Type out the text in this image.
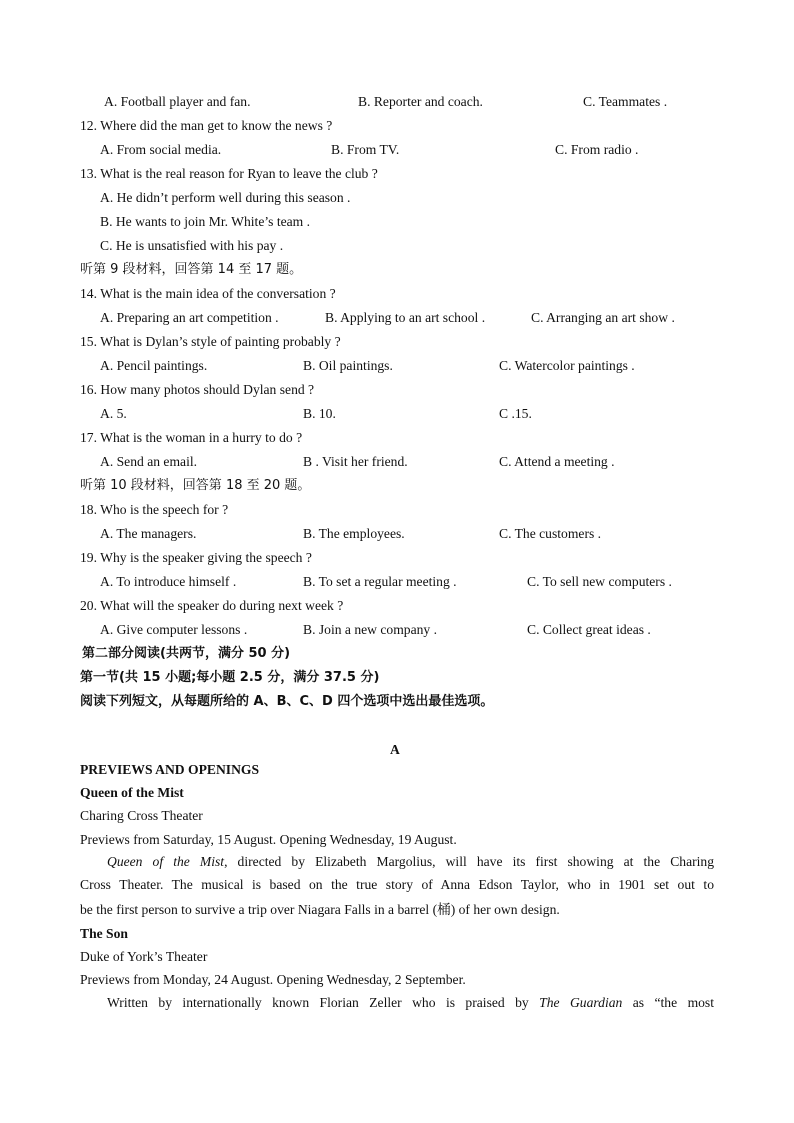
A. Football player and fan.	B. Reporter and coach.	C. Teammates .
12. Where did the man get to know the news ?
A. From social media.	B. From TV.	C. From radio .
13. What is the real reason for Ryan to leave the club ?
A. He didn’t perform well during this season .
B. He wants to join Mr. White’s team .
C. He is unsatisfied with his pay .
听第 9 段材料，回答第 14 至 17 题。
14. What is the main idea of the conversation ?
A. Preparing an art competition .	B. Applying to an art school .	C. Arranging an art show .
15. What is Dylan’s style of painting probably ?
A. Pencil paintings.	B. Oil paintings.	C. Watercolor paintings .
16. How many photos should Dylan send ?
A. 5.	B. 10.	C .15.
17. What is the woman in a hurry to do ?
A. Send an email.	B . Visit her friend.	C. Attend a meeting .
听第 10 段材料，回答第 18 至 20 题。
18. Who is the speech for ?
A. The managers.	B. The employees.	C. The customers .
19. Why is the speaker giving the speech ?
A. To introduce himself .	B. To set a regular meeting .	C. To sell new computers .
20. What will the speaker do during next week ?
A. Give computer lessons .	B. Join a new company .	C. Collect great ideas .
第二部分阅读(共两节，满分 50 分)
第一节(共 15 小题;每小题 2.5 分，满分 37.5 分)
阅读下列短文，从每题所给的 A、B、C、D 四个选项中选出最佳选项。
A
PREVIEWS AND OPENINGS
Queen of the Mist
Charing Cross Theater
Previews from Saturday, 15 August. Opening Wednesday, 19 August.
Queen of the Mist, directed by Elizabeth Margolius, will have its first showing at the Charing
Cross Theater. The musical is based on the true story of Anna Edson Taylor, who in 1901 set out to
be the first person to survive a trip over Niagara Falls in a barrel (桶) of her own design.
The Son
Duke of York’s Theater
Previews from Monday, 24 August. Opening Wednesday, 2 September.
Written by internationally known Florian Zeller who is praised by The Guardian as “the most
